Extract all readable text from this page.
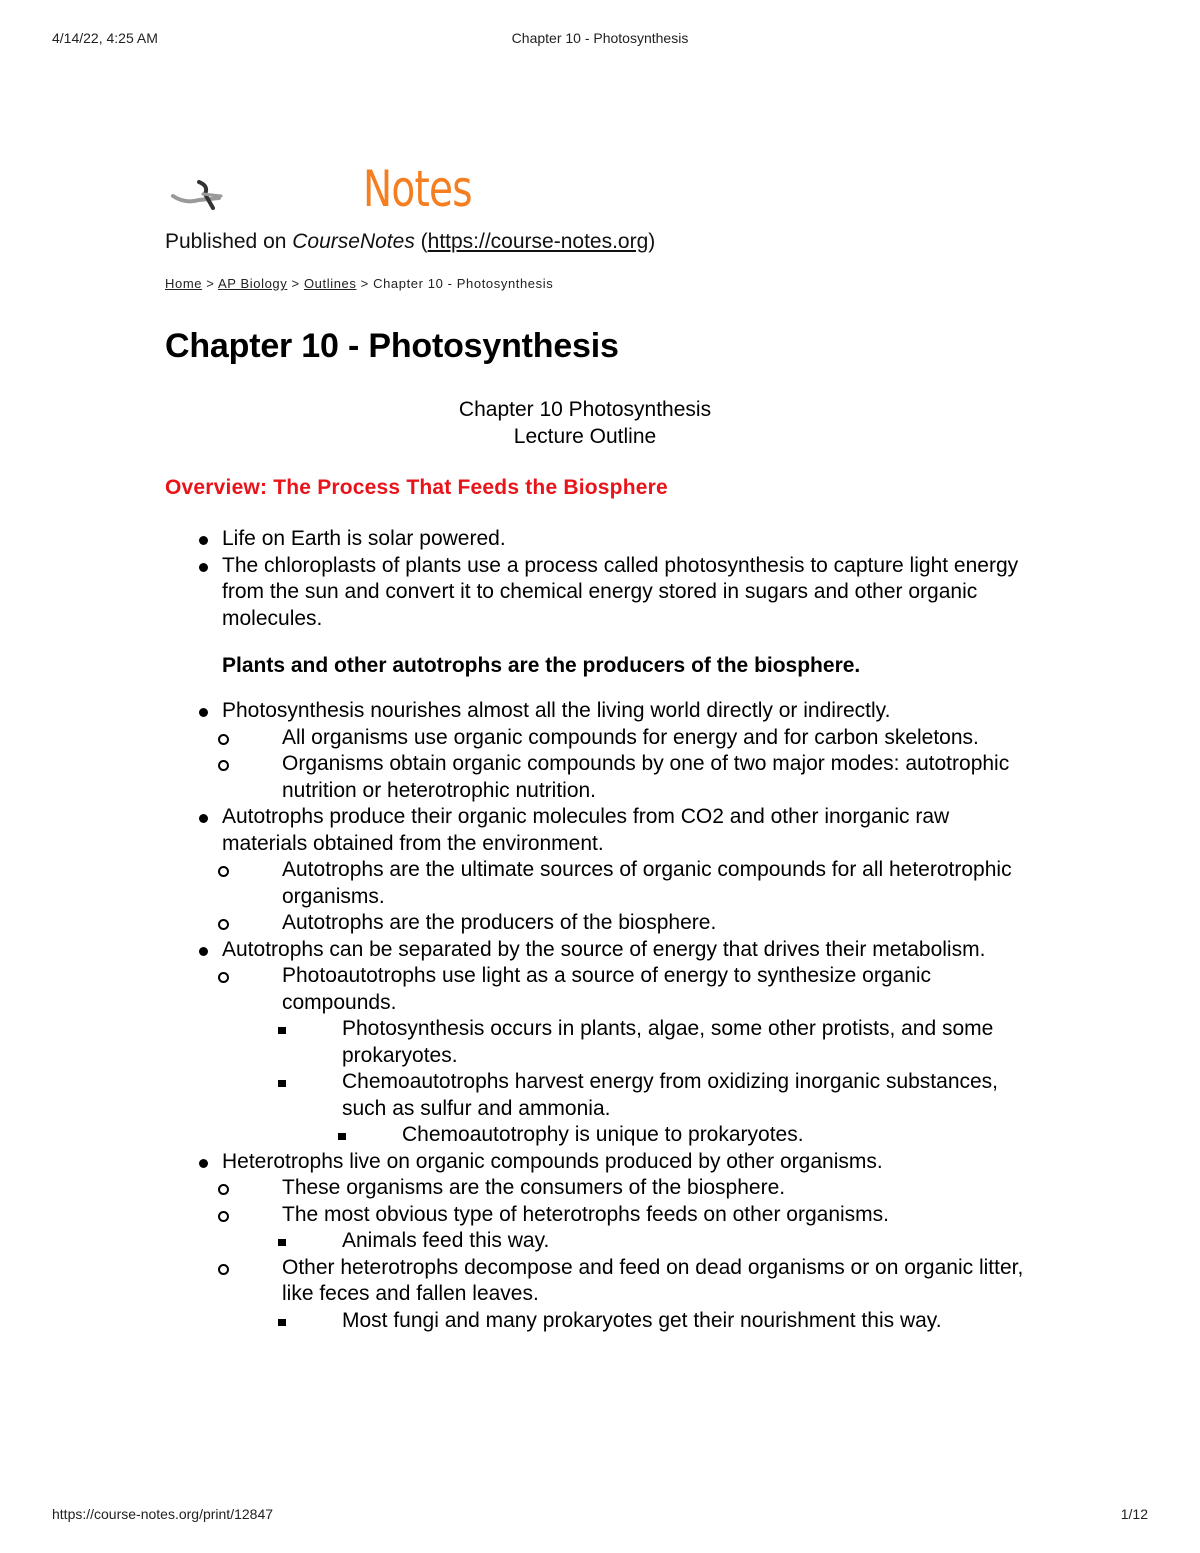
4/14/22, 4:25 AM	Chapter 10 - Photosynthesis
Notes
Published on CourseNotes (https://course-notes.org)
Home > AP Biology > Outlines > Chapter 10 - Photosynthesis
Chapter 10 - Photosynthesis
Chapter 10 Photosynthesis
Lecture Outline
Overview: The Process That Feeds the Biosphere
Life on Earth is solar powered.
The chloroplasts of plants use a process called photosynthesis to capture light energy from the sun and convert it to chemical energy stored in sugars and other organic molecules.

Plants and other autotrophs are the producers of the biosphere.

Photosynthesis nourishes almost all the living world directly or indirectly.
All organisms use organic compounds for energy and for carbon skeletons.
Organisms obtain organic compounds by one of two major modes: autotrophic nutrition or heterotrophic nutrition.
Autotrophs produce their organic molecules from CO2 and other inorganic raw materials obtained from the environment.
Autotrophs are the ultimate sources of organic compounds for all heterotrophic organisms.
Autotrophs are the producers of the biosphere.
Autotrophs can be separated by the source of energy that drives their metabolism.
Photoautotrophs use light as a source of energy to synthesize organic compounds.
Photosynthesis occurs in plants, algae, some other protists, and some prokaryotes.
Chemoautotrophs harvest energy from oxidizing inorganic substances, such as sulfur and ammonia.
Chemoautotrophy is unique to prokaryotes.
Heterotrophs live on organic compounds produced by other organisms.
These organisms are the consumers of the biosphere.
The most obvious type of heterotrophs feeds on other organisms.
Animals feed this way.
Other heterotrophs decompose and feed on dead organisms or on organic litter, like feces and fallen leaves.
Most fungi and many prokaryotes get their nourishment this way.
https://course-notes.org/print/12847	1/12
